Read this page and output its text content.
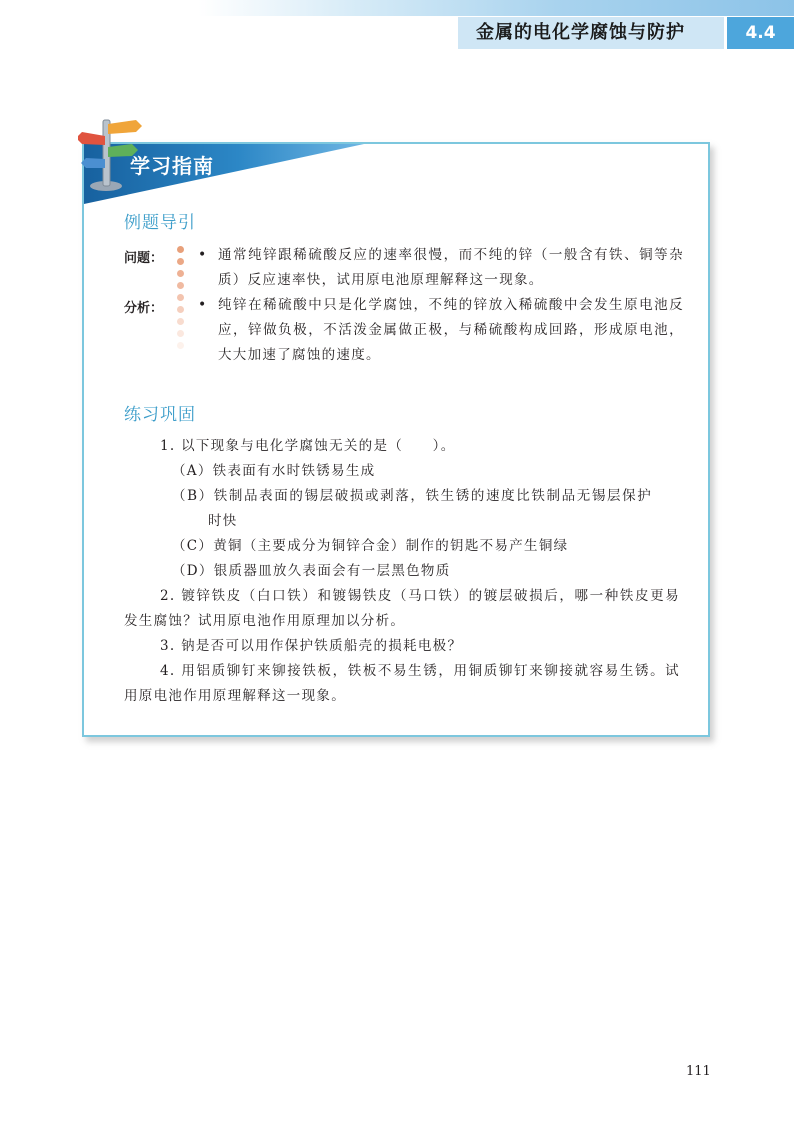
金属的电化学腐蚀与防护	4.4
学习指南
例题导引
问题：
分析：
• 通常纯锌跟稀硫酸反应的速率很慢，而不纯的锌（一般含有铁、铜等杂质）反应速率快，试用原电池原理解释这一现象。
• 纯锌在稀硫酸中只是化学腐蚀，不纯的锌放入稀硫酸中会发生原电池反应，锌做负极，不活泼金属做正极，与稀硫酸构成回路，形成原电池，大大加速了腐蚀的速度。
练习巩固
1. 以下现象与电化学腐蚀无关的是（　　）。
（A）铁表面有水时铁锈易生成
（B）铁制品表面的锡层破损或剥落，铁生锈的速度比铁制品无锡层保护时快
（C）黄铜（主要成分为铜锌合金）制作的钥匙不易产生铜绿
（D）银质器皿放久表面会有一层黑色物质
2. 镀锌铁皮（白口铁）和镀锡铁皮（马口铁）的镀层破损后，哪一种铁皮更易发生腐蚀？试用原电池作用原理加以分析。
3. 钠是否可以用作保护铁质船壳的损耗电极？
4. 用铝质铆钉来铆接铁板，铁板不易生锈，用铜质铆钉来铆接就容易生锈。试用原电池作用原理解释这一现象。
111
